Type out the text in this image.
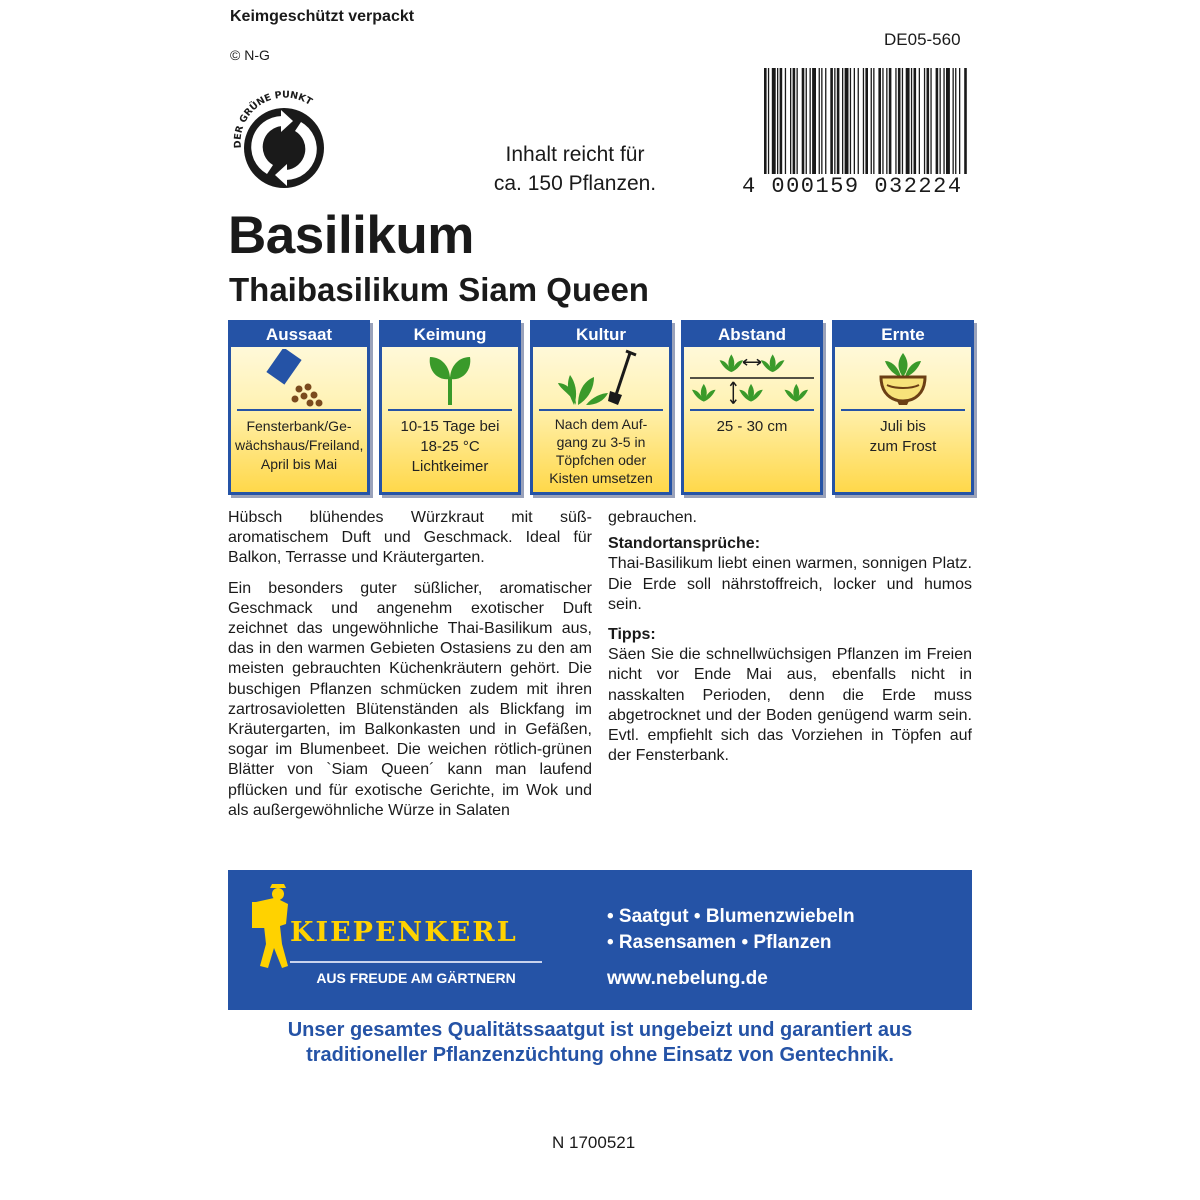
Keimgeschützt verpackt
© N-G
DE05-560
DER GRÜNE PUNKT
Inhalt reicht für
ca. 150 Pflanzen.	4 000159 032224
Basilikum
Thaibasilikum Siam Queen
Aussaat
Fensterbank/Ge-
wächshaus/Freiland,
April bis Mai
Keimung
10-15 Tage bei
18-25 °C
Lichtkeimer
Kultur
Nach dem Auf-
gang zu 3-5 in
Töpfchen oder
Kisten umsetzen
Abstand
25 - 30 cm
Ernte
Juli bis
zum Frost

Hübsch blühendes Würzkraut mit süß-aromatischem Duft und Geschmack. Ideal für Balkon, Terrasse und Kräutergarten.

Ein besonders guter süßlicher, aromatischer Geschmack und angenehm exotischer Duft zeichnet das ungewöhnliche Thai-Basilikum aus, das in den warmen Gebieten Ostasiens zu den am meisten gebrauchten Küchenkräutern gehört. Die buschigen Pflanzen schmücken zudem mit ihren zartrosavioletten Blütenständen als Blickfang im Kräutergarten, im Balkonkasten und in Gefäßen, sogar im Blumenbeet. Die weichen rötlich-grünen Blätter von `Siam Queen´ kann man laufend pflücken und für exotische Gerichte, im Wok und als außergewöhnliche Würze in Salaten

gebrauchen.

Standortansprüche:

Thai-Basilikum liebt einen warmen, sonnigen Platz. Die Erde soll nährstoffreich, locker und humos sein.

Tipps:

Säen Sie die schnellwüchsigen Pflanzen im Freien nicht vor Ende Mai aus, ebenfalls nicht in nasskalten Perioden, denn die Erde muss abgetrocknet und der Boden genügend warm sein. Evtl. empfiehlt sich das Vorziehen in Töpfen auf der Fensterbank.

KIEPENKERL
AUS FREUDE AM GÄRTNERN
• Saatgut • Blumenzwiebeln
• Rasensamen • Pflanzen
www.nebelung.de
Unser gesamtes Qualitätssaatgut ist ungebeizt und garantiert aus
traditioneller Pflanzenzüchtung ohne Einsatz von Gentechnik.
N 1700521
